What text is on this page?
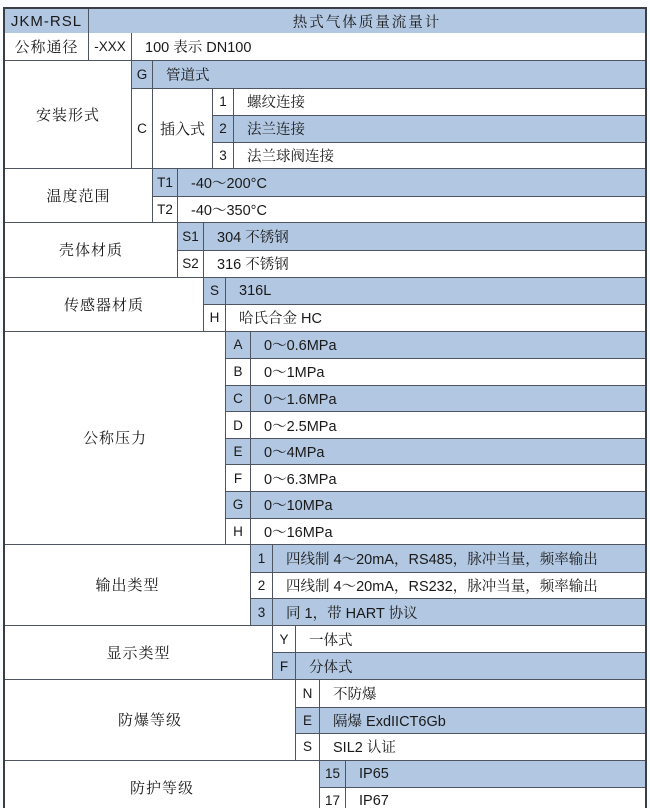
JKM-RSL	热式气体质量流量计
公称通径	-XXX	100 表示 DN100
安装形式
G	管道式
C 插入式
1	螺纹连接
2	法兰连接
3	法兰球阀连接
温度范围
T1	-40～200°C
T2	-40～350°C
壳体材质
S1	304 不锈钢
S2	316 不锈钢
传感器材质
S	316L
H	哈氏合金 HC
公称压力
A	0～0.6MPa
B	0～1MPa
C	0～1.6MPa
D	0～2.5MPa
E	0～4MPa
F	0～6.3MPa
G	0～10MPa
H	0～16MPa
输出类型
1	四线制 4～20mA，RS485，脉冲当量，频率输出
2	四线制 4～20mA，RS232，脉冲当量，频率输出
3	同 1，带 HART 协议
显示类型
Y	一体式
F	分体式
防爆等级
N	不防爆
E	隔爆 ExdIICT6Gb
S	SIL2 认证
防护等级
15	IP65
17	IP67
